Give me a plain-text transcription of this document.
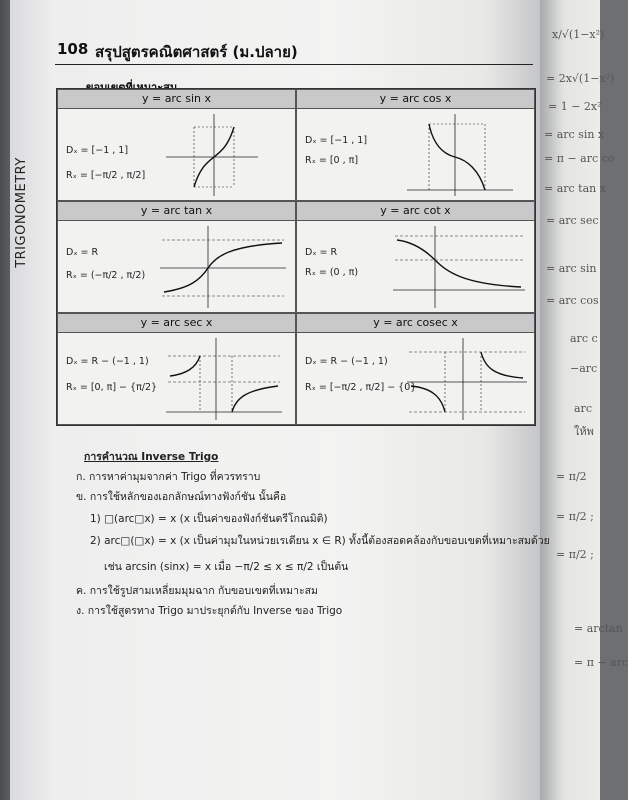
x/√(1−x²)
= 2x√(1−x²)
= 1 − 2x²
= arc sin x
= π − arc co
= arc tan x
= arc sec
= arc sin
= arc cos
arc c
−arc
arc
ให้พ
= π/2
= π/2 ;
= π/2 ;
= arctan
= π − arc
108 สรุปสูตรคณิตศาสตร์ (ม.ปลาย)
TRIGONOMETRY
y = arc sin x
Dₓ = [−1 , 1]
Rₓ = [−π/2 , π/2]
y = arc cos x
Dₓ = [−1 , 1]
Rₓ = [0 , π]
y = arc tan x
Dₓ = R
Rₓ = (−π/2 , π/2)
y = arc cot x
Dₓ = R
Rₓ = (0 , π)
y = arc sec x
Dₓ = R − (−1 , 1)
Rₓ = [0, π] − {π/2}
y = arc cosec x
Dₓ = R − (−1 , 1)
Rₓ = [−π/2 , π/2] − {0}
การคำนวณ Inverse Trigo
ก. การหาค่ามุมจากค่า Trigo ที่ควรทราบ
ข. การใช้หลักของเอกลักษณ์ทางฟังก์ชัน นั้นคือ
1) □(arc□x) = x (x เป็นค่าของฟังก์ชันตรีโกณมิติ)
2) arc□(□x) = x (x เป็นค่ามุมในหน่วยเรเดียน x ∈ R) ทั้งนี้ต้องสอดคล้องกับขอบเขตที่เหมาะสมด้วย
เช่น arcsin (sinx) = x เมื่อ −π/2 ≤ x ≤ π/2 เป็นต้น
ค. การใช้รูปสามเหลี่ยมมุมฉาก กับขอบเขตที่เหมาะสม
ง. การใช้สูตรทาง Trigo มาประยุกต์กับ Inverse ของ Trigo
